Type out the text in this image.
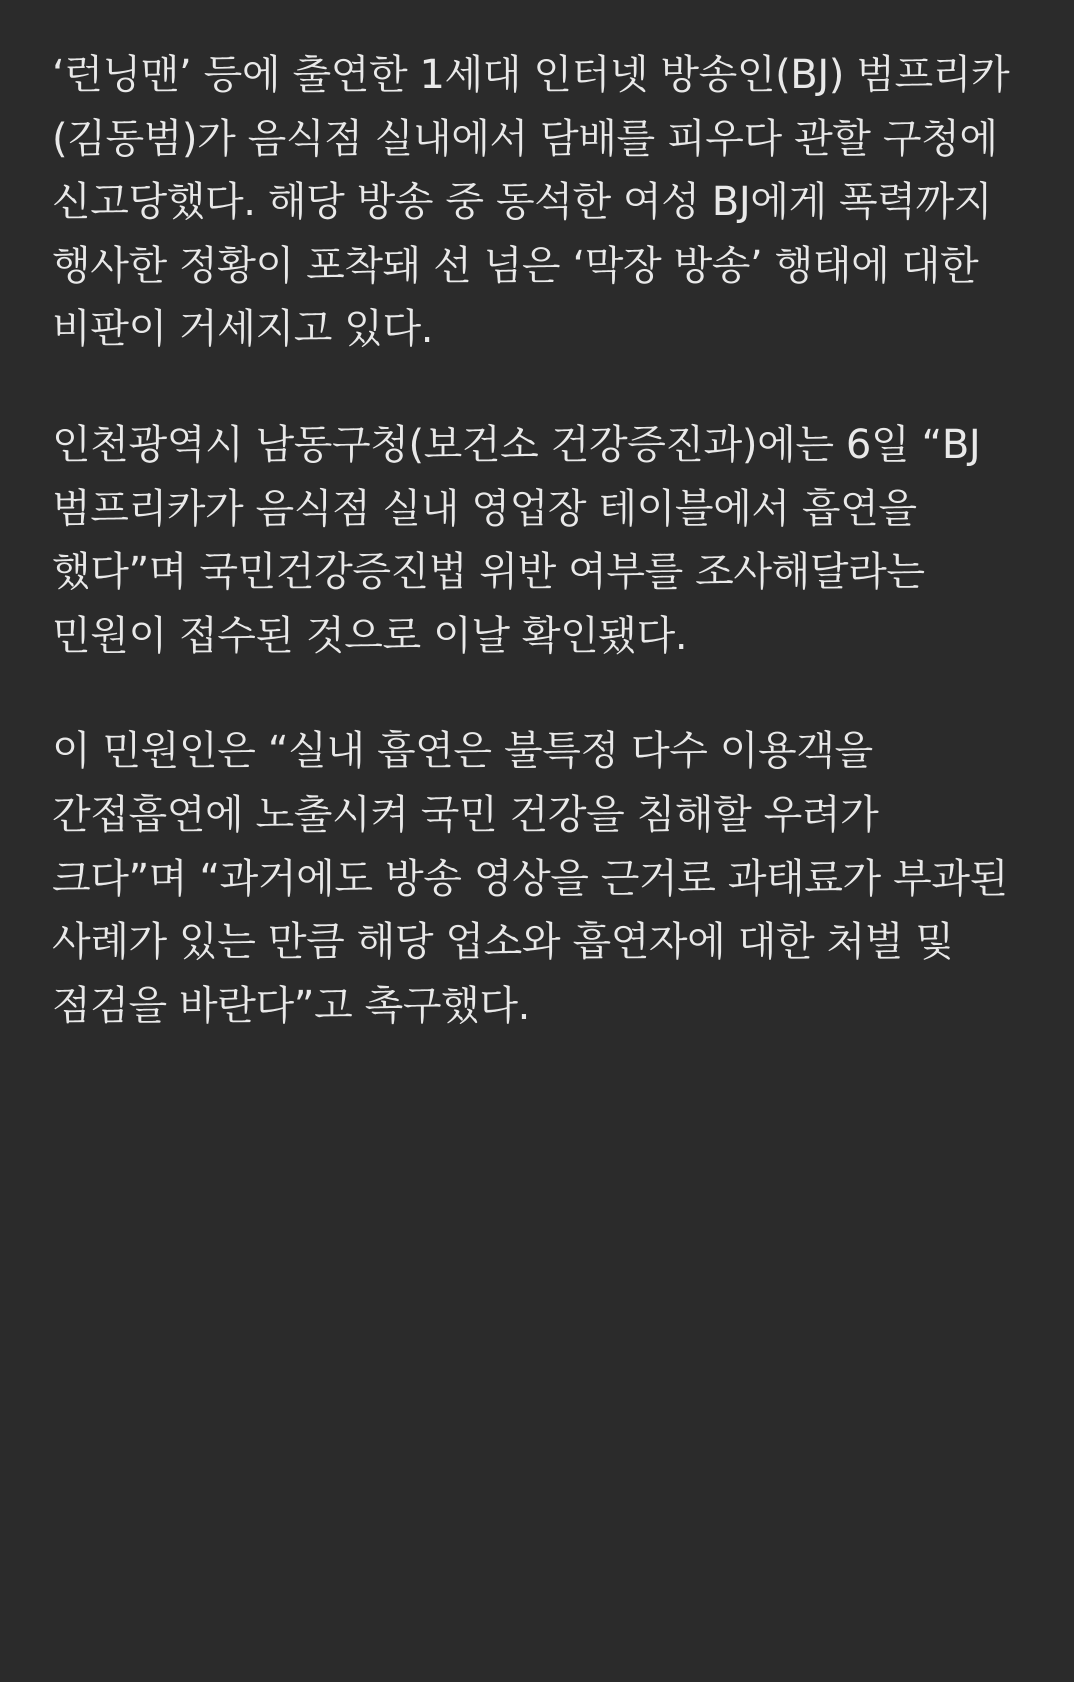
‘런닝맨’ 등에 출연한 1세대 인터넷 방송인(BJ) 범프리카(김동범)가 음식점 실내에서 담배를 피우다 관할 구청에 신고당했다. 해당 방송 중 동석한 여성 BJ에게 폭력까지 행사한 정황이 포착돼 선 넘은 ‘막장 방송’ 행태에 대한 비판이 거세지고 있다.

인천광역시 남동구청(보건소 건강증진과)에는 6일 “BJ 범프리카가 음식점 실내 영업장 테이블에서 흡연을 했다”며 국민건강증진법 위반 여부를 조사해달라는 민원이 접수된 것으로 이날 확인됐다.

이 민원인은 “실내 흡연은 불특정 다수 이용객을 간접흡연에 노출시켜 국민 건강을 침해할 우려가 크다”며 “과거에도 방송 영상을 근거로 과태료가 부과된 사례가 있는 만큼 해당 업소와 흡연자에 대한 처벌 및 점검을 바란다”고 촉구했다.
